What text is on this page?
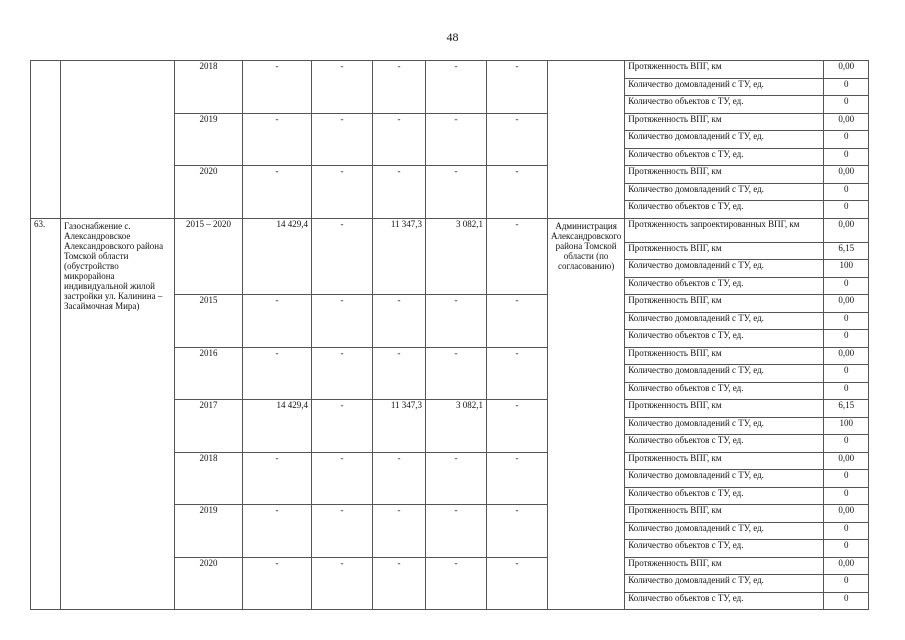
48
		2018	-	-	-	-	-		Протяженность ВПГ, км	0,00
									Количество домовладений с ТУ, ед.	0
									Количество объектов с ТУ, ед.	0
		2019	-	-	-	-	-		Протяженность ВПГ, км	0,00
									Количество домовладений с ТУ, ед.	0
									Количество объектов с ТУ, ед.	0
		2020	-	-	-	-	-		Протяженность ВПГ, км	0,00
									Количество домовладений с ТУ, ед.	0
									Количество объектов с ТУ, ед.	0
63.	Газоснабжение с. Александровское Александровского района Томской области (обустройство микрорайона индивидуальной жилой застройки ул. Калинина – Засаймочная Мира)	2015 – 2020	14 429,4	-	11 347,3	3 082,1	-	Администрация Александровского района Томской области (по согласованию)	Протяженность запроектированных ВПГ, км	0,00
									Протяженность ВПГ, км	6,15
									Количество домовладений с ТУ, ед.	100
									Количество объектов с ТУ, ед.	0
		2015	-	-	-	-	-		Протяженность ВПГ, км	0,00
									Количество домовладений с ТУ, ед.	0
									Количество объектов с ТУ, ед.	0
		2016	-	-	-	-	-		Протяженность ВПГ, км	0,00
									Количество домовладений с ТУ, ед.	0
									Количество объектов с ТУ, ед.	0
		2017	14 429,4	-	11 347,3	3 082,1	-		Протяженность ВПГ, км	6,15
									Количество домовладений с ТУ, ед.	100
									Количество объектов с ТУ, ед.	0
		2018	-	-	-	-	-		Протяженность ВПГ, км	0,00
									Количество домовладений с ТУ, ед.	0
									Количество объектов с ТУ, ед.	0
		2019	-	-	-	-	-		Протяженность ВПГ, км	0,00
									Количество домовладений с ТУ, ед.	0
									Количество объектов с ТУ, ед.	0
		2020	-	-	-	-	-		Протяженность ВПГ, км	0,00
									Количество домовладений с ТУ, ед.	0
									Количество объектов с ТУ, ед.	0
